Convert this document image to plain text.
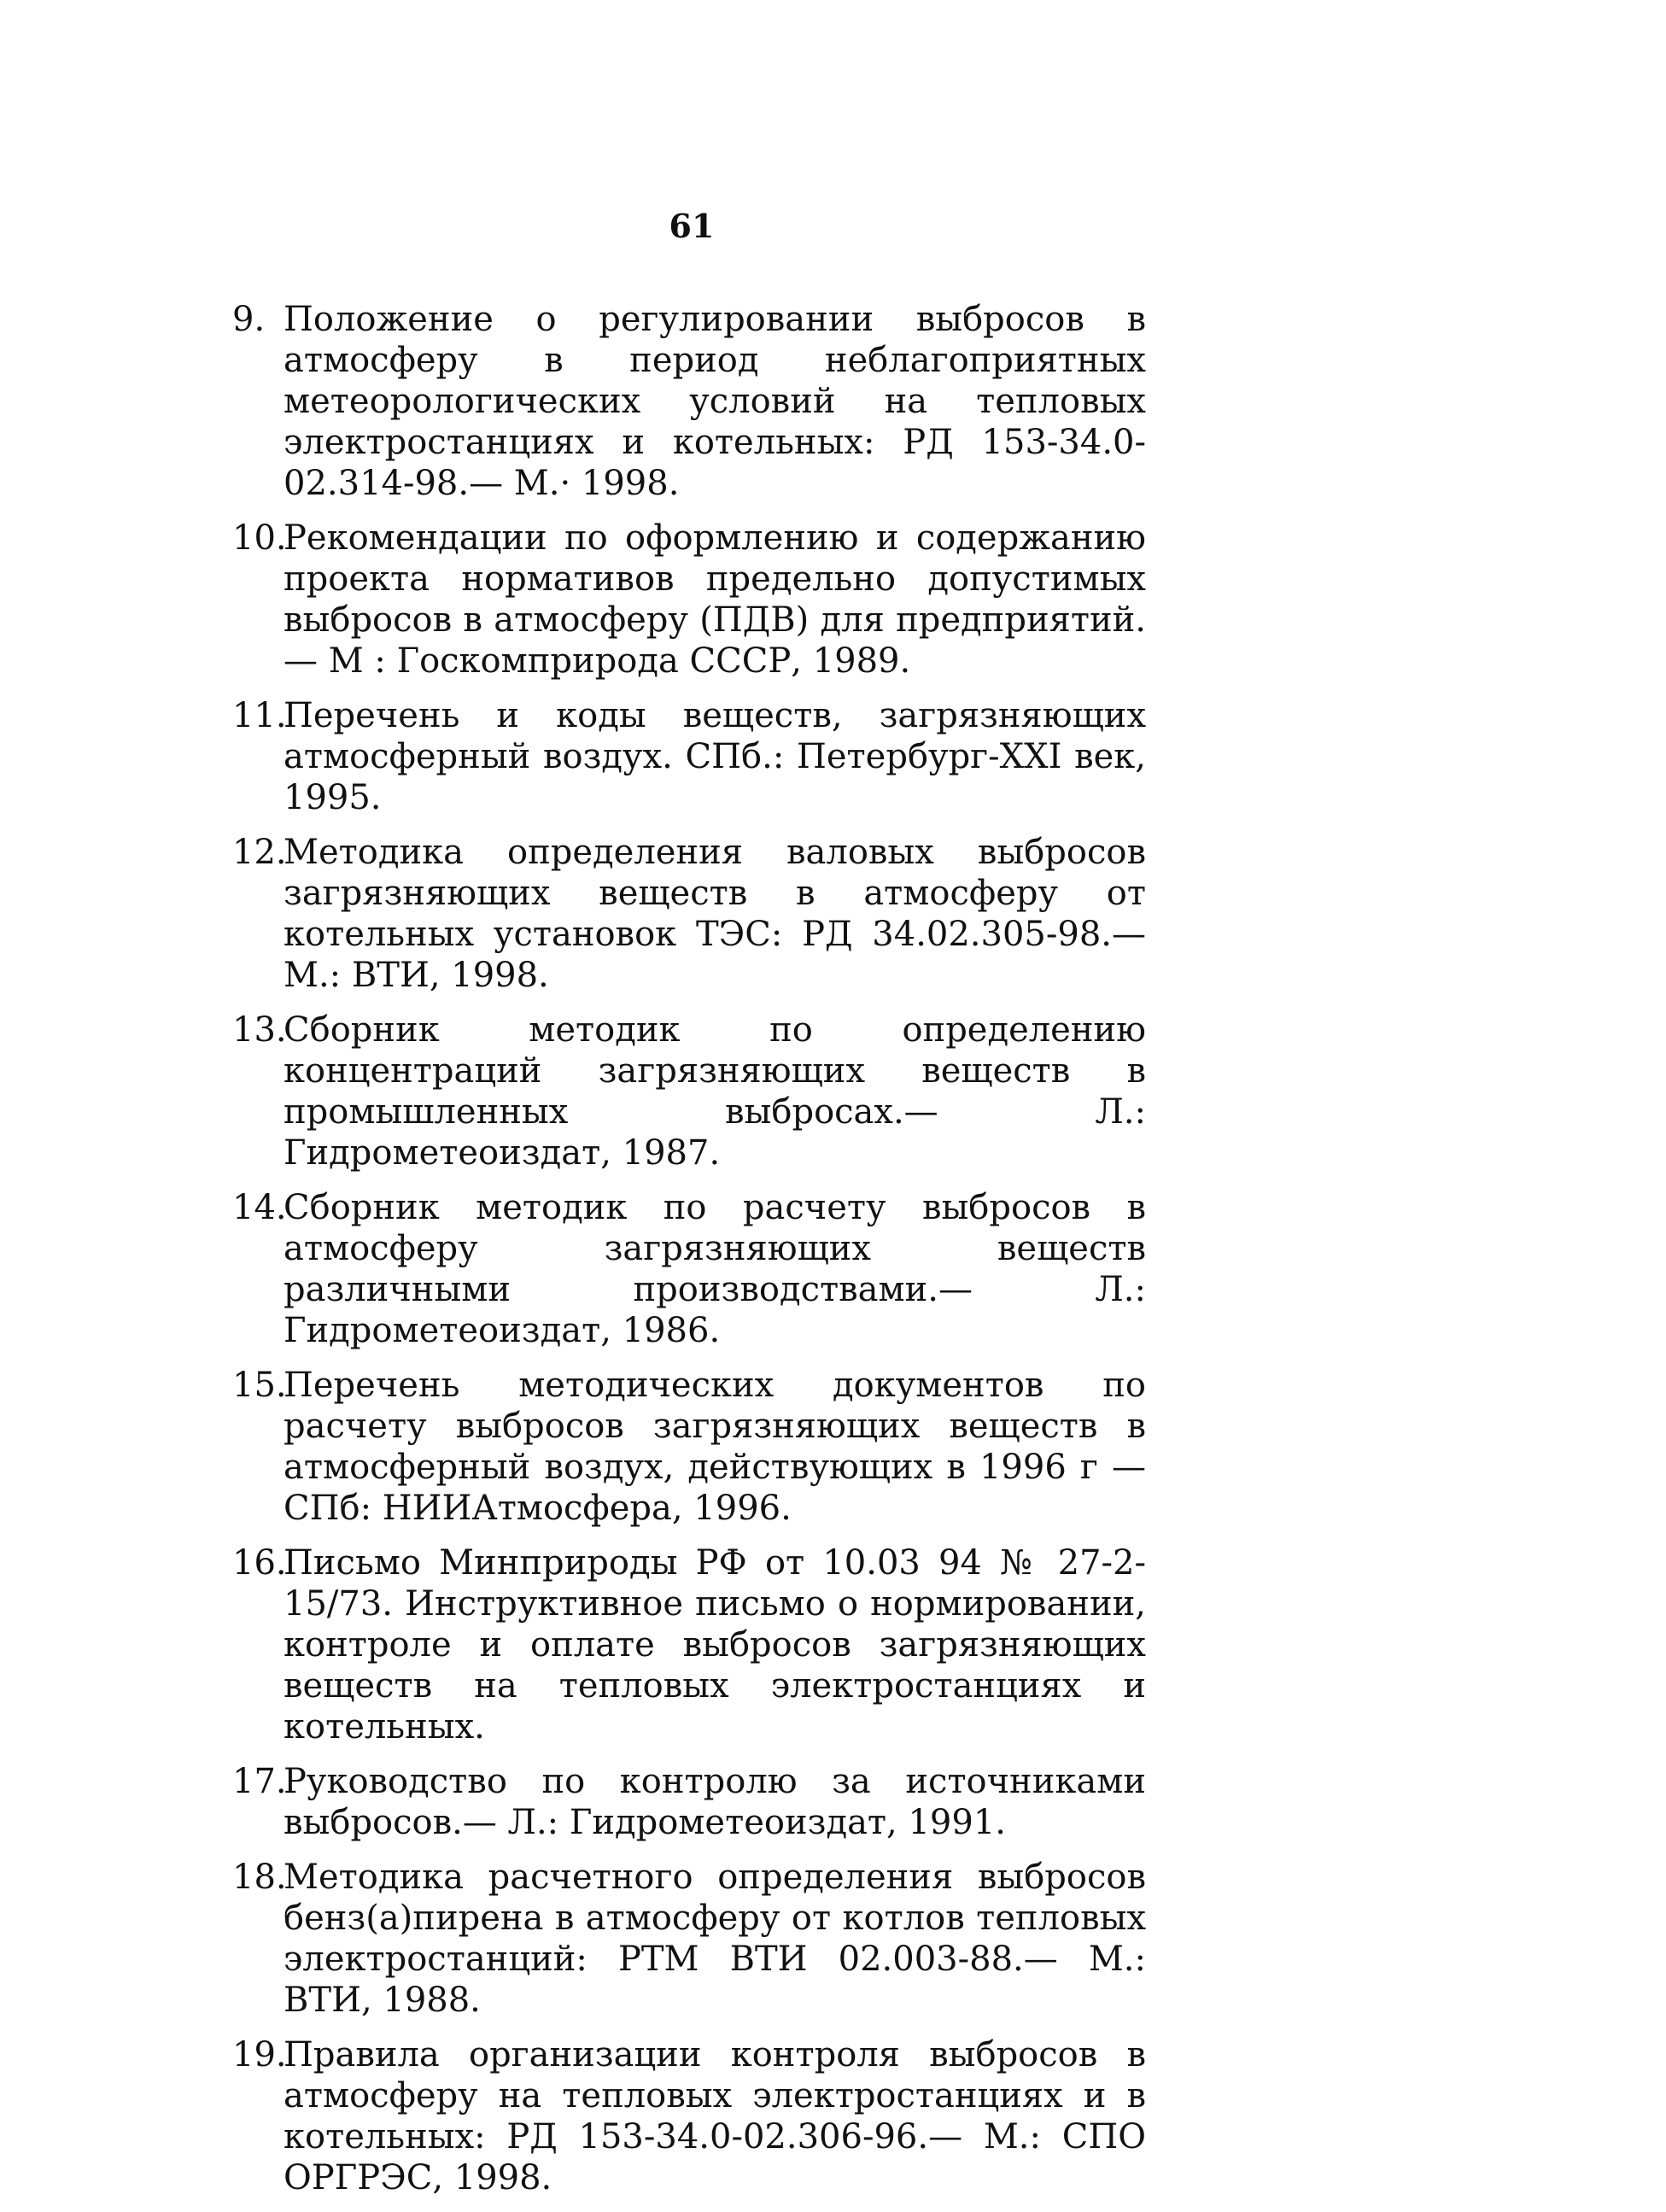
61
9. Положение о регулировании выбросов в атмосферу в период неблагоприятных метеорологических условий на тепловых электростанциях и котельных: РД 153-34.0-02.314-98.— М.· 1998.
10.
Рекомендации по оформлению и содержанию проекта нормативов предельно допустимых выбросов в атмосферу (ПДВ) для предприятий.— М : Госкомприрода СССР, 1989.
11.
Перечень и коды веществ, загрязняющих атмосферный воздух. СПб.: Петербург-XXI век, 1995.
12.
Методика определения валовых выбросов загрязняющих веществ в атмосферу от котельных установок ТЭС: РД 34.02.305-98.— М.: ВТИ, 1998.
13.
Сборник методик по определению концентраций загрязняющих веществ в промышленных выбросах.— Л.: Гидрометеоиздат, 1987.
14.
Сборник методик по расчету выбросов в атмосферу загрязняющих веществ различными производствами.— Л.: Гидрометеоиздат, 1986.
15.
Перечень методических документов по расчету выбросов загрязняющих веществ в атмосферный воздух, действующих в 1996 г — СПб: НИИАтмосфера, 1996.
16.
Письмо Минприроды РФ от 10.03 94 № 27-2-15/73. Инструктивное письмо о нормировании, контроле и оплате выбросов загрязняющих веществ на тепловых электростанциях и котельных.
17.
Руководство по контролю за источниками выбросов.— Л.: Гидрометеоиздат, 1991.
18.
Методика расчетного определения выбросов бенз(а)пирена в атмосферу от котлов тепловых электростанций: РТМ ВТИ 02.003-88.— М.: ВТИ, 1988.
19.
Правила организации контроля выбросов в атмосферу на тепловых электростанциях и в котельных: РД 153-34.0-02.306-96.— М.: СПО ОРГРЭС, 1998.
